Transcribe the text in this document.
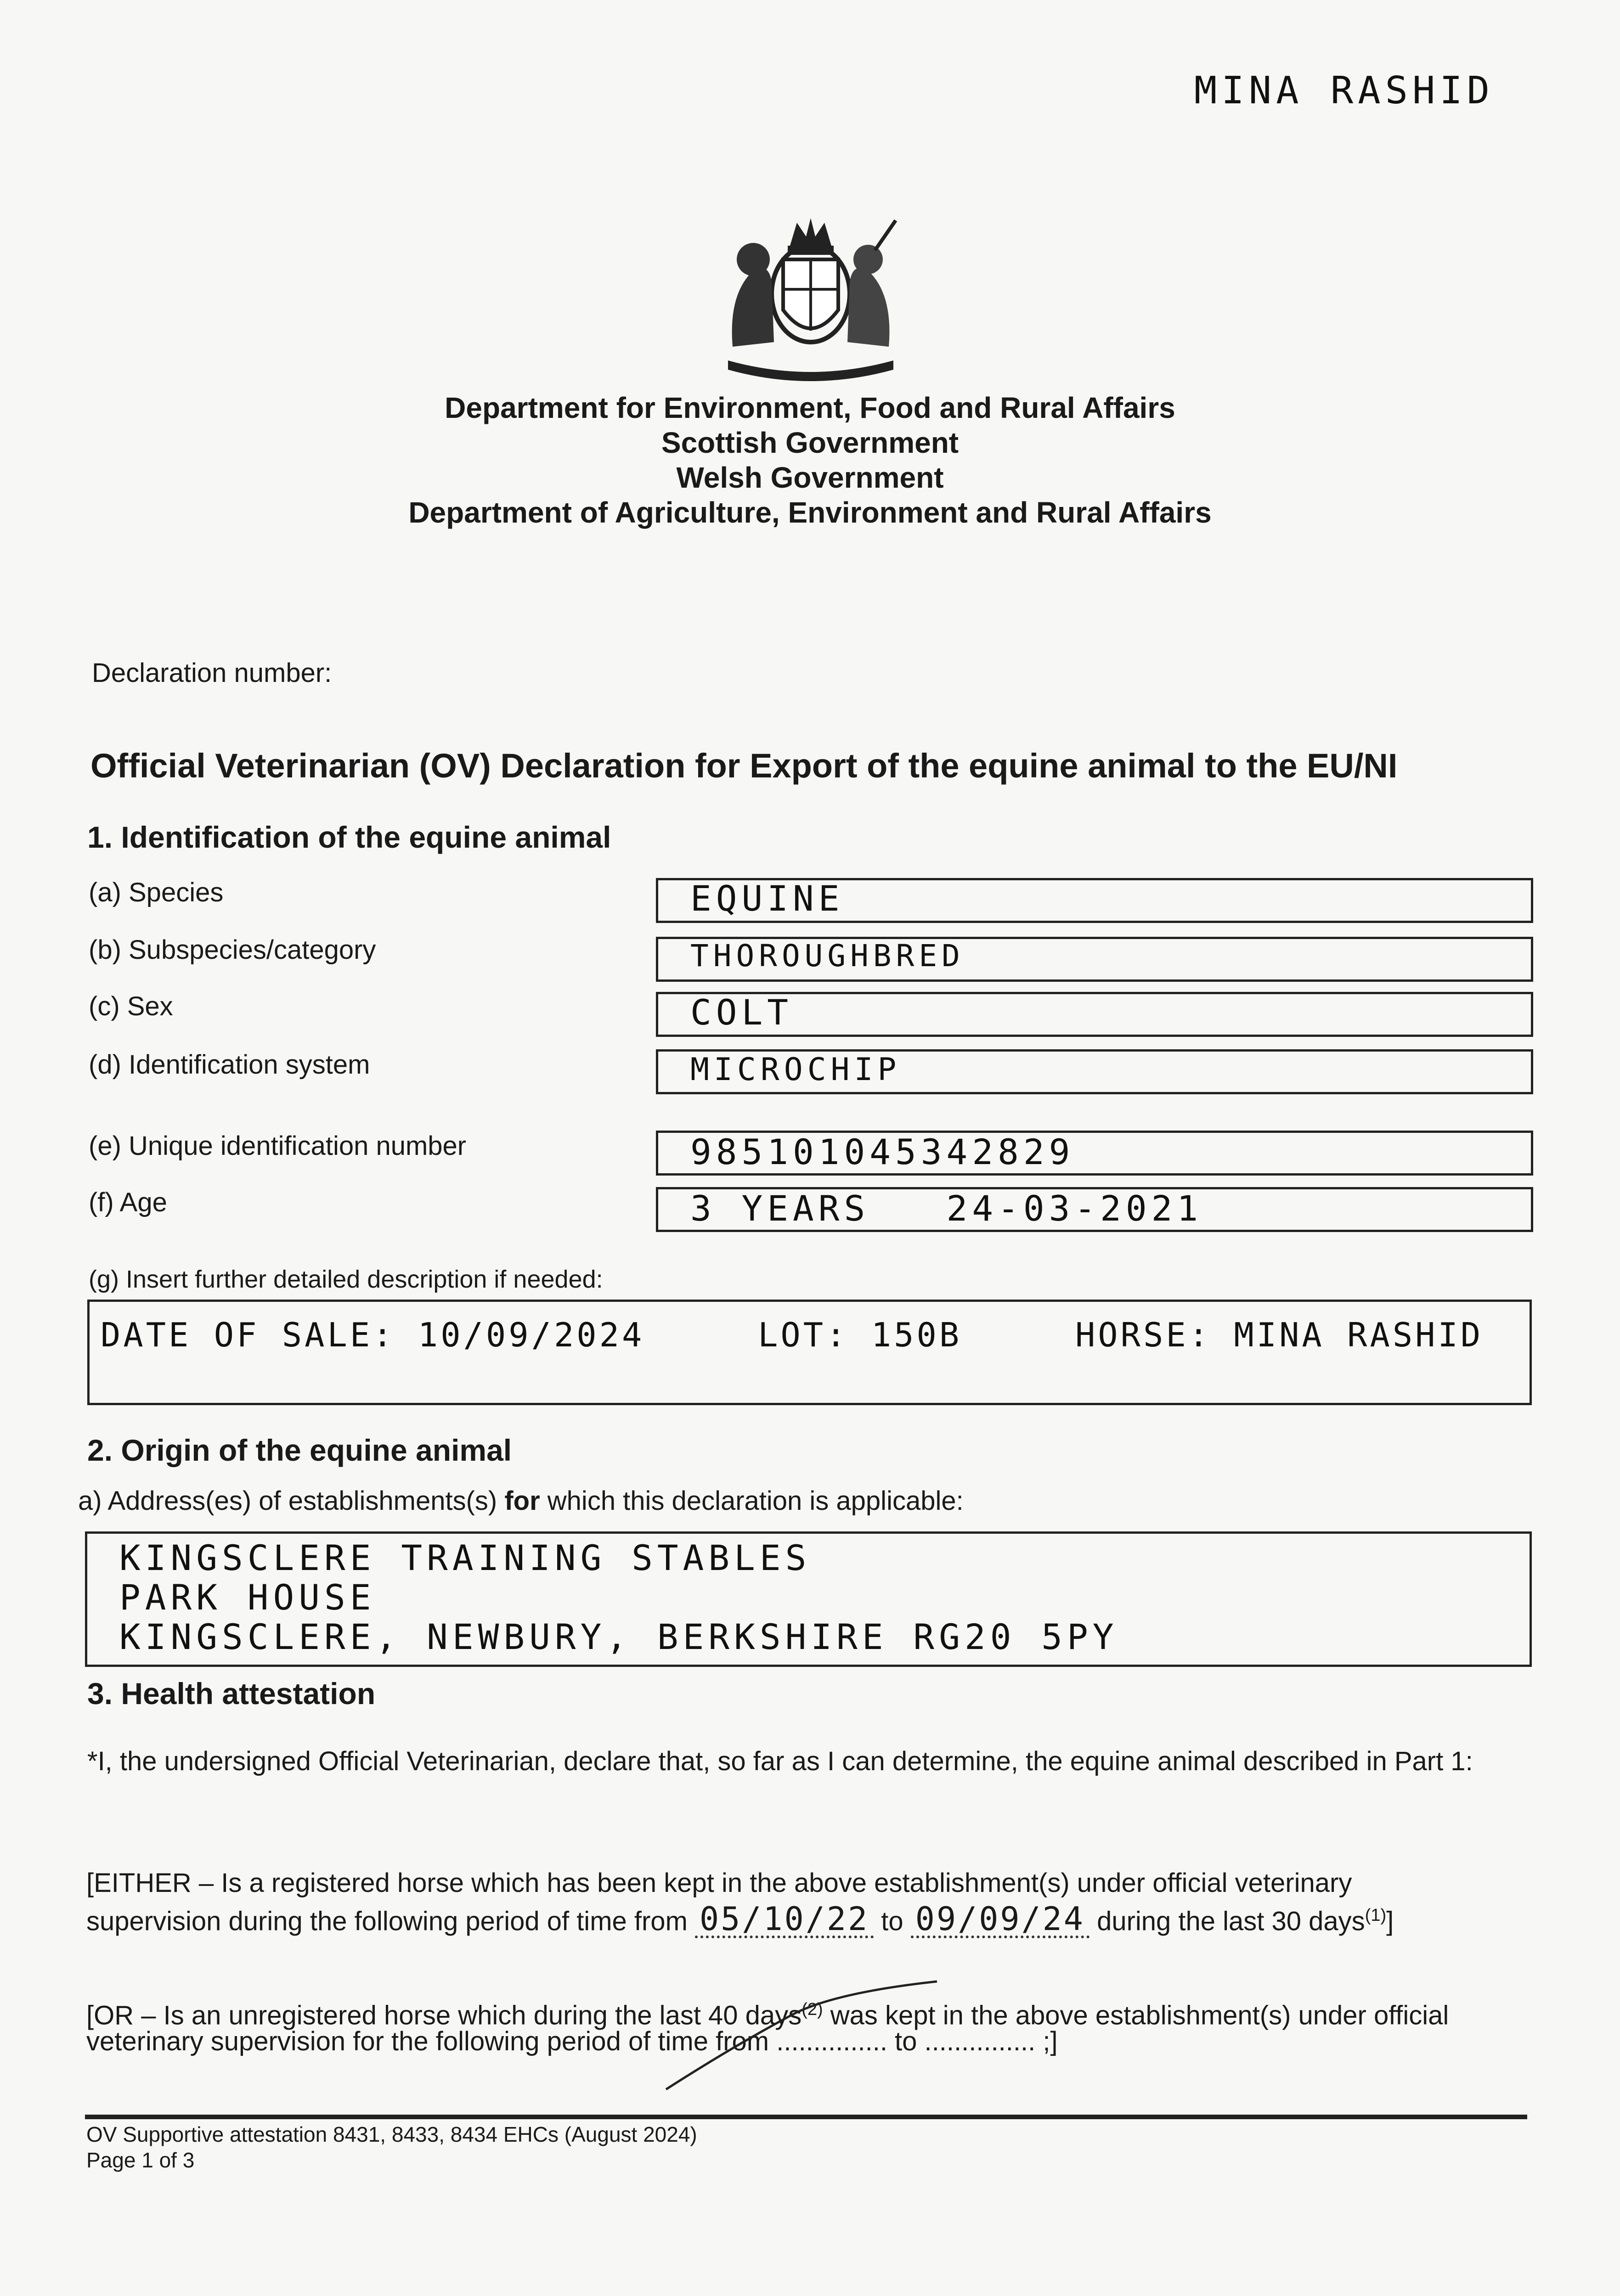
MINA RASHID
Department for Environment, Food and Rural Affairs
Scottish Government
Welsh Government
Department of Agriculture, Environment and Rural Affairs
Declaration number:
Official Veterinarian (OV) Declaration for Export of the equine animal to the EU/NI
1. Identification of the equine animal
(a) Species	EQUINE
(b) Subspecies/category	THOROUGHBRED
(c) Sex	COLT
(d) Identification system	MICROCHIP
(e) Unique identification number	985101045342829
(f) Age	3 YEARS   24-03-2021
(g) Insert further detailed description if needed:
DATE OF SALE: 10/09/2024     LOT: 150B     HORSE: MINA RASHID
2. Origin of the equine animal
a) Address(es) of establishments(s) for which this declaration is applicable:
KINGSCLERE TRAINING STABLES
PARK HOUSE
KINGSCLERE, NEWBURY, BERKSHIRE RG20 5PY
3. Health attestation
*I, the undersigned Official Veterinarian, declare that, so far as I can determine, the equine animal described in Part 1:
[EITHER – Is a registered horse which has been kept in the above establishment(s) under official veterinary
supervision during the following period of time from 05/10/22 to 09/09/24 during the last 30 days$^{(1)}$]
[OR – Is an unregistered horse which during the last 40 days$^{(2)}$ was kept in the above establishment(s) under official
veterinary supervision for the following period of time from ............... to ............... ;]
OV Supportive attestation 8431, 8433, 8434 EHCs (August 2024)
Page 1 of 3
